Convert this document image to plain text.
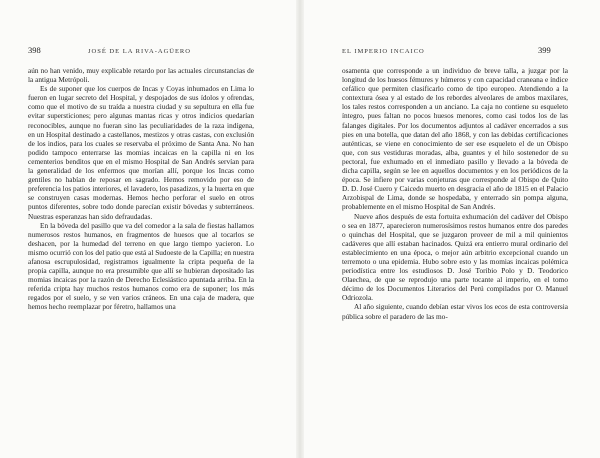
398	JOSÉ DE LA RIVA-AGÜERO

aún no han venido, muy explicable retardo por las actuales circunstancias de la antigua Metrópoli.

Es de suponer que los cuerpos de Incas y Coyas inhumados en Lima lo fueron en lugar secreto del Hospital, y despojados de sus ídolos y ofrendas, como que el motivo de su traída a nuestra ciudad y su sepultura en ella fue evitar supersticiones; pero algunas mantas ricas y otros indicios quedarían reconocibles, aunque no fueran sino las peculiaridades de la raza indígena, en un Hospital destinado a castellanos, mestizos y otras castas, con exclusión de los indios, para los cuales se reservaba el próximo de Santa Ana. No han podido tampoco enterrarse las momias incaicas en la capilla ni en los cementerios benditos que en el mismo Hospital de San Andrés servían para la generalidad de los enfermos que morían allí, porque los Incas como gentiles no habían de reposar en sagrado. Hemos removido por eso de preferencia los patios interiores, el lavadero, los pasadizos, y la huerta en que se construyen casas modernas. Hemos hecho perforar el suelo en otros puntos diferentes, sobre todo donde parecían existir bóvedas y subterráneos. Nuestras esperanzas han sido defraudadas.

En la bóveda del pasillo que va del comedor a la sala de fiestas hallamos numerosos restos humanos, en fragmentos de huesos que al tocarlos se deshacen, por la humedad del terreno en que largo tiempo yacieron. Lo mismo ocurrió con los del patio que está al Sudoeste de la Capilla; en nuestra afanosa escrupulosidad, registramos igualmente la cripta pequeña de la propia capilla, aunque no era presumible que allí se hubieran depositado las momias incaicas por la razón de Derecho Eclesiástico apuntada arriba. En la referida cripta hay muchos restos humanos como era de suponer; los más regados por el suelo, y se ven varios cráneos. En una caja de madera, que hemos hecho reemplazar por féretro, hallamos una

EL IMPERIO INCAICO	399

osamenta que corresponde a un individuo de breve talla, a juzgar por la longitud de los huesos fémures y húmeros y con capacidad craneana e índice cefálico que permiten clasificarlo como de tipo europeo. Atendiendo a la contextura ósea y al estado de los rebordes alveolares de ambos maxilares, los tales restos corresponden a un anciano. La caja no contiene su esqueleto íntegro, pues faltan no pocos huesos menores, como casi todos los de las falanges digitales. Por los documentos adjuntos al cadáver encerrados a sus pies en una botella, que datan del año 1868, y con las debidas certificaciones auténticas, se viene en conocimiento de ser ese esqueleto el de un Obispo que, con sus vestiduras moradas, alba, guantes y el hilo sostenedor de su pectoral, fue exhumado en el inmediato pasillo y llevado a la bóveda de dicha capilla, según se lee en aquellos documentos y en los periódicos de la época. Se infiere por varias conjeturas que corresponde al Obispo de Quito D. D. José Cuero y Caicedo muerto en desgracia el año de 1815 en el Palacio Arzobispal de Lima, donde se hospedaba, y enterrado sin pompa alguna, probablemente en el mismo Hospital de San Andrés.

Nueve años después de esta fortuita exhumación del cadáver del Obispo o sea en 1877, aparecieron numerosísimos restos humanos entre dos paredes o quinchas del Hospital, que se juzgaron proveer de mil a mil quinientos cadáveres que allí estaban hacinados. Quizá era entierro mural ordinario del establecimiento en una época, o mejor aún arbitrio excepcional cuando un terremoto o una epidemia. Hubo sobre esto y las momias incaicas polémica periodística entre los estudiosos D. José Toribio Polo y D. Teodorico Olaechea, de que se reprodujo una parte tocante al imperio, en el tomo décimo de los Documentos Literarios del Perú compilados por O. Manuel Odriozola.

Al año siguiente, cuando debían estar vivos los ecos de esta controversia pública sobre el paradero de las mo-
